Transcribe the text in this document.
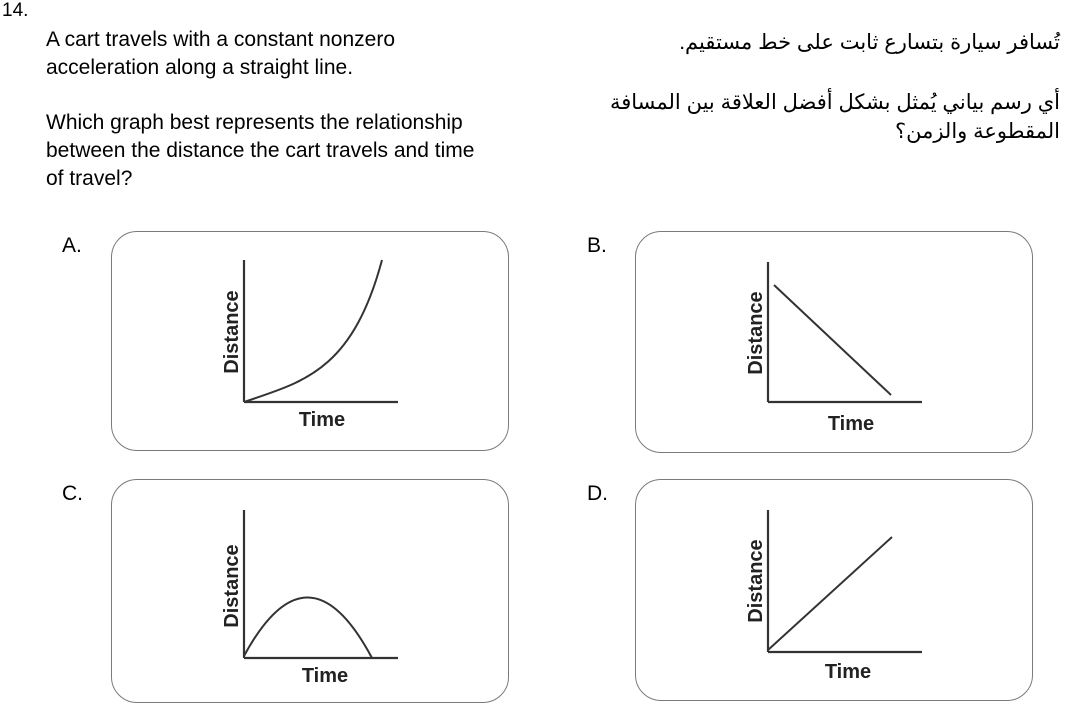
14.
A cart travels with a constant nonzero
acceleration along a straight line.
Which graph best represents the relationship
between the distance the cart travels and time
of travel?
تُسافر سيارة بتسارع ثابت على خط مستقيم.
أي رسم بياني يُمثل بشكل أفضل العلاقة بين المسافة
المقطوعة والزمن؟
A.
Distance
Time
B.
Distance
Time
C.
Distance
Time
D.
Distance
Time
